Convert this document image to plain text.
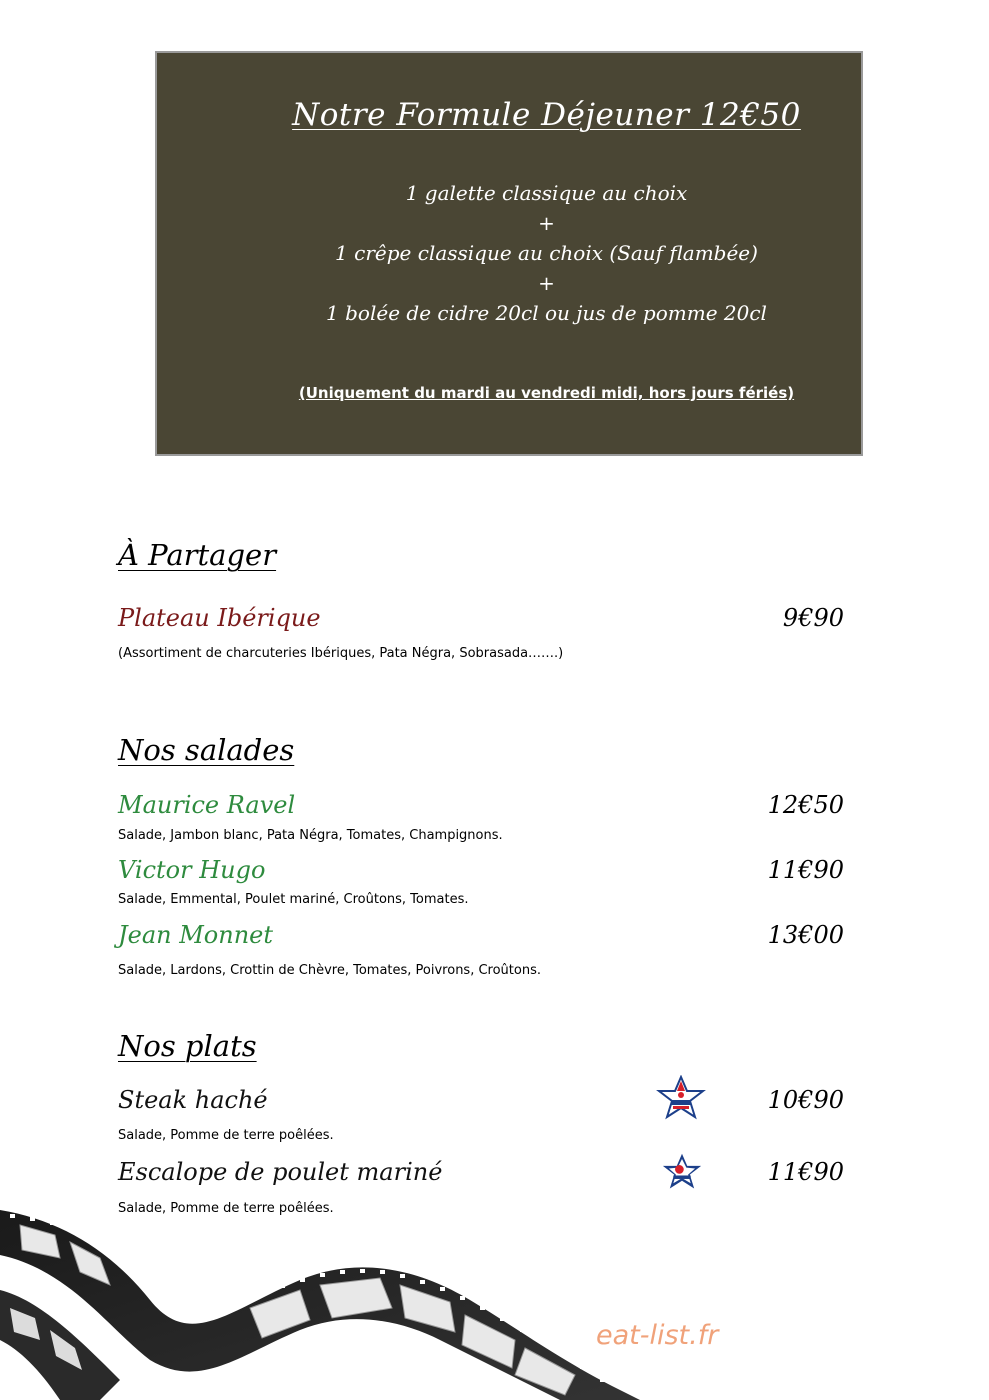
Notre Formule Déjeuner 12€50
1 galette classique au choix
+
1 crêpe classique au choix (Sauf flambée)
+
1 bolée de cidre 20cl ou jus de pomme 20cl
(Uniquement du mardi au vendredi midi, hors jours fériés)
À Partager
Plateau Ibérique	9€90
(Assortiment de charcuteries Ibériques, Pata Négra, Sobrasada…….)
Nos salades
Maurice Ravel	12€50
Salade, Jambon blanc, Pata Négra, Tomates, Champignons.
Victor Hugo	11€90
Salade, Emmental, Poulet mariné, Croûtons, Tomates.
Jean Monnet	13€00
Salade, Lardons, Crottin de Chèvre, Tomates, Poivrons, Croûtons.
Nos plats
Steak haché	10€90
Salade, Pomme de terre poêlées.
Escalope de poulet mariné	11€90
Salade, Pomme de terre poêlées.
eat-list.fr
